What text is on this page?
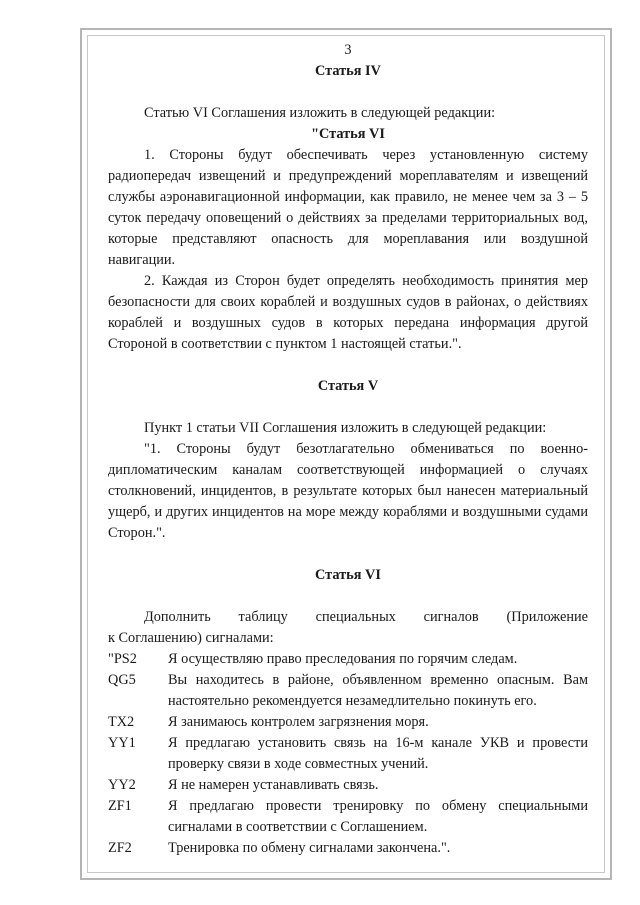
3
Статья IV

Статью VI Соглашения изложить в следующей редакции:

"Статья VI

1. Стороны будут обеспечивать через установленную систему радиопередач извещений и предупреждений мореплавателям и извещений службы аэронавигационной информации, как правило, не менее чем за 3 – 5 суток передачу оповещений о действиях за пределами территориальных вод, которые представляют опасность для мореплавания или воздушной навигации.

2. Каждая из Сторон будет определять необходимость принятия мер безопасности для своих кораблей и воздушных судов в районах, о действиях кораблей и воздушных судов в которых передана информация другой Стороной в соответствии с пунктом 1 настоящей статьи.".

Статья V

Пункт 1 статьи VII Соглашения изложить в следующей редакции:

"1. Стороны будут безотлагательно обмениваться по военно-дипломатическим каналам соответствующей информацией о случаях столкновений, инцидентов, в результате которых был нанесен материальный ущерб, и других инцидентов на море между кораблями и воздушными судами Сторон.".

Статья VI

Дополнить таблицу специальных сигналов (Приложение

к Соглашению) сигналами:

"PS2	Я осуществляю право преследования по горячим следам.
QG5	Вы находитесь в районе, объявленном временно опасным. Вам настоятельно рекомендуется незамедлительно покинуть его.
TX2	Я занимаюсь контролем загрязнения моря.
YY1	Я предлагаю установить связь на 16-м канале УКВ и провести проверку связи в ходе совместных учений.
YY2	Я не намерен устанавливать связь.
ZF1	Я предлагаю провести тренировку по обмену специальными сигналами в соответствии с Соглашением.
ZF2	Тренировка по обмену сигналами закончена.".
